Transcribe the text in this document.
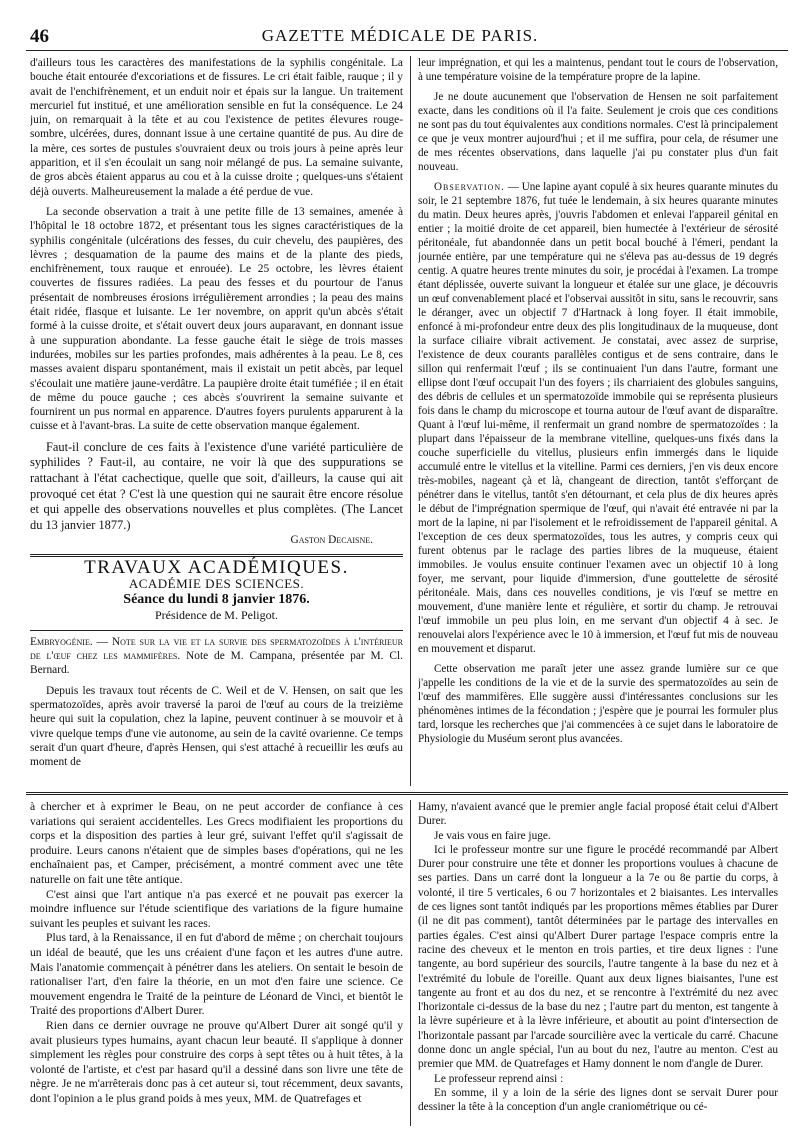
46	GAZETTE MÉDICALE DE PARIS.

d'ailleurs tous les caractères des manifestations de la syphilis congénitale. La bouche était entourée d'excoriations et de fissures. Le cri était faible, rauque ; il y avait de l'enchifrènement, et un enduit noir et épais sur la langue. Un traitement mercuriel fut institué, et une amélioration sensible en fut la conséquence. Le 24 juin, on remarquait à la tête et au cou l'existence de petites élevures rouge-sombre, ulcérées, dures, donnant issue à une certaine quantité de pus. Au dire de la mère, ces sortes de pustules s'ouvraient deux ou trois jours à peine après leur apparition, et il s'en écoulait un sang noir mélangé de pus. La semaine suivante, de gros abcès étaient apparus au cou et à la cuisse droite ; quelques-uns s'étaient déjà ouverts. Malheureusement la malade a été perdue de vue.

La seconde observation a trait à une petite fille de 13 semaines, amenée à l'hôpital le 18 octobre 1872, et présentant tous les signes caractéristiques de la syphilis congénitale (ulcérations des fesses, du cuir chevelu, des paupières, des lèvres ; desquamation de la paume des mains et de la plante des pieds, enchifrènement, toux rauque et enrouée). Le 25 octobre, les lèvres étaient couvertes de fissures radiées. La peau des fesses et du pourtour de l'anus présentait de nombreuses érosions irrégulièrement arrondies ; la peau des mains était ridée, flasque et luisante. Le 1er novembre, on apprit qu'un abcès s'était formé à la cuisse droite, et s'était ouvert deux jours auparavant, en donnant issue à une suppuration abondante. La fesse gauche était le siège de trois masses indurées, mobiles sur les parties profondes, mais adhérentes à la peau. Le 8, ces masses avaient disparu spontanément, mais il existait un petit abcès, par lequel s'écoulait une matière jaune-verdâtre. La paupière droite était tuméfiée ; il en était de même du pouce gauche ; ces abcès s'ouvrirent la semaine suivante et fournirent un pus normal en apparence. D'autres foyers purulents apparurent à la cuisse et à l'avant-bras. La suite de cette observation manque également.

Faut-il conclure de ces faits à l'existence d'une variété particulière de syphilides ? Faut-il, au contaire, ne voir là que des suppurations se rattachant à l'état cachectique, quelle que soit, d'ailleurs, la cause qui ait provoqué cet état ? C'est là une question qui ne saurait être encore résolue et qui appelle des observations nouvelles et plus complètes. (The Lancet du 13 janvier 1877.)

Gaston Decaisne.
TRAVAUX ACADÉMIQUES.
ACADÉMIE DES SCIENCES.
Séance du lundi 8 janvier 1876.
Présidence de M. Peligot.

Embryogénie. — Note sur la vie et la survie des spermatozoïdes à l'intérieur de l'œuf chez les mammifères. Note de M. Campana, présentée par M. Cl. Bernard.

Depuis les travaux tout récents de C. Weil et de V. Hensen, on sait que les spermatozoïdes, après avoir traversé la paroi de l'œuf au cours de la treizième heure qui suit la copulation, chez la lapine, peuvent continuer à se mouvoir et à vivre quelque temps d'une vie autonome, au sein de la cavité ovarienne. Ce temps serait d'un quart d'heure, d'après Hensen, qui s'est attaché à recueillir les œufs au moment de

leur imprégnation, et qui les a maintenus, pendant tout le cours de l'observation, à une température voisine de la température propre de la lapine.

Je ne doute aucunement que l'observation de Hensen ne soit parfaitement exacte, dans les conditions où il l'a faite. Seulement je crois que ces conditions ne sont pas du tout équivalentes aux conditions normales. C'est là principalement ce que je veux montrer aujourd'hui ; et il me suffira, pour cela, de résumer une de mes récentes observations, dans laquelle j'ai pu constater plus d'un fait nouveau.

Observation. — Une lapine ayant copulé à six heures quarante minutes du soir, le 21 septembre 1876, fut tuée le lendemain, à six heures quarante minutes du matin. Deux heures après, j'ouvris l'abdomen et enlevai l'appareil génital en entier ; la moitié droite de cet appareil, bien humectée à l'extérieur de sérosité péritonéale, fut abandonnée dans un petit bocal bouché à l'émeri, pendant la journée entière, par une température qui ne s'éleva pas au-dessus de 19 degrés centig. A quatre heures trente minutes du soir, je procédai à l'examen. La trompe étant déplissée, ouverte suivant la longueur et étalée sur une glace, je découvris un œuf convenablement placé et l'observai aussitôt in situ, sans le recouvrir, sans le déranger, avec un objectif 7 d'Hartnack à long foyer. Il était immobile, enfoncé à mi-profondeur entre deux des plis longitudinaux de la muqueuse, dont la surface ciliaire vibrait activement. Je constatai, avec assez de surprise, l'existence de deux courants parallèles contigus et de sens contraire, dans le sillon qui renfermait l'œuf ; ils se continuaient l'un dans l'autre, formant une ellipse dont l'œuf occupait l'un des foyers ; ils charriaient des globules sanguins, des débris de cellules et un spermatozoïde immobile qui se représenta plusieurs fois dans le champ du microscope et tourna autour de l'œuf avant de disparaître. Quant à l'œuf lui-même, il renfermait un grand nombre de spermatozoïdes : la plupart dans l'épaisseur de la membrane vitelline, quelques-uns fixés dans la couche superficielle du vitellus, plusieurs enfin immergés dans le liquide accumulé entre le vitellus et la vitelline. Parmi ces derniers, j'en vis deux encore très-mobiles, nageant çà et là, changeant de direction, tantôt s'efforçant de pénétrer dans le vitellus, tantôt s'en détournant, et cela plus de dix heures après le début de l'imprégnation spermique de l'œuf, qui n'avait été entravée ni par la mort de la lapine, ni par l'isolement et le refroidissement de l'appareil génital. A l'exception de ces deux spermatozoïdes, tous les autres, y compris ceux qui furent obtenus par le raclage des parties libres de la muqueuse, étaient immobiles. Je voulus ensuite continuer l'examen avec un objectif 10 à long foyer, me servant, pour liquide d'immersion, d'une gouttelette de sérosité péritonéale. Mais, dans ces nouvelles conditions, je vis l'œuf se mettre en mouvement, d'une manière lente et régulière, et sortir du champ. Je retrouvai l'œuf immobile un peu plus loin, en me servant d'un objectif 4 à sec. Je renouvelai alors l'expérience avec le 10 à immersion, et l'œuf fut mis de nouveau en mouvement et disparut.

Cette observation me paraît jeter une assez grande lumière sur ce que j'appelle les conditions de la vie et de la survie des spermatozoïdes au sein de l'œuf des mammifères. Elle suggère aussi d'intéressantes conclusions sur les phénomènes intimes de la fécondation ; j'espère que je pourrai les formuler plus tard, lorsque les recherches que j'ai commencées à ce sujet dans le laboratoire de Physiologie du Muséum seront plus avancées.

à chercher et à exprimer le Beau, on ne peut accorder de confiance à ces variations qui seraient accidentelles. Les Grecs modifiaient les proportions du corps et la disposition des parties à leur gré, suivant l'effet qu'il s'agissait de produire. Leurs canons n'étaient que de simples bases d'opérations, qui ne les enchaînaient pas, et Camper, précisément, a montré comment avec une tête naturelle on fait une tête antique.

C'est ainsi que l'art antique n'a pas exercé et ne pouvait pas exercer la moindre influence sur l'étude scientifique des variations de la figure humaine suivant les peuples et suivant les races.

Plus tard, à la Renaissance, il en fut d'abord de même ; on cherchait toujours un idéal de beauté, que les uns créaient d'une façon et les autres d'une autre. Mais l'anatomie commençait à pénétrer dans les ateliers. On sentait le besoin de rationaliser l'art, d'en faire la théorie, en un mot d'en faire une science. Ce mouvement engendra le Traité de la peinture de Léonard de Vinci, et bientôt le Traité des proportions d'Albert Durer.

Rien dans ce dernier ouvrage ne prouve qu'Albert Durer ait songé qu'il y avait plusieurs types humains, ayant chacun leur beauté. Il s'applique à donner simplement les règles pour construire des corps à sept têtes ou à huit têtes, à la volonté de l'artiste, et c'est par hasard qu'il a dessiné dans son livre une tête de nègre. Je ne m'arrêterais donc pas à cet auteur si, tout récemment, deux savants, dont l'opinion a le plus grand poids à mes yeux, MM. de Quatrefages et

Hamy, n'avaient avancé que le premier angle facial proposé était celui d'Albert Durer.

Je vais vous en faire juge.

Ici le professeur montre sur une figure le procédé recommandé par Albert Durer pour construire une tête et donner les proportions voulues à chacune de ses parties. Dans un carré dont la longueur a la 7e ou 8e partie du corps, à volonté, il tire 5 verticales, 6 ou 7 horizontales et 2 biaisantes. Les intervalles de ces lignes sont tantôt indiqués par les proportions mêmes établies par Durer (il ne dit pas comment), tantôt déterminées par le partage des intervalles en parties égales. C'est ainsi qu'Albert Durer partage l'espace compris entre la racine des cheveux et le menton en trois parties, et tire deux lignes : l'une tangente, au bord supérieur des sourcils, l'autre tangente à la base du nez et à l'extrémité du lobule de l'oreille. Quant aux deux lignes biaisantes, l'une est tangente au front et au dos du nez, et se rencontre à l'extrémité du nez avec l'horizontale ci-dessus de la base du nez ; l'autre part du menton, est tangente à la lèvre supérieure et à la lèvre inférieure, et aboutit au point d'intersection de l'horizontale passant par l'arcade sourcilière avec la verticale du carré. Chacune donne donc un angle spécial, l'un au bout du nez, l'autre au menton. C'est au premier que MM. de Quatrefages et Hamy donnent le nom d'angle de Durer.

Le professeur reprend ainsi :

En somme, il y a loin de la série des lignes dont se servait Durer pour dessiner la tête à la conception d'un angle craniométrique ou cé-
